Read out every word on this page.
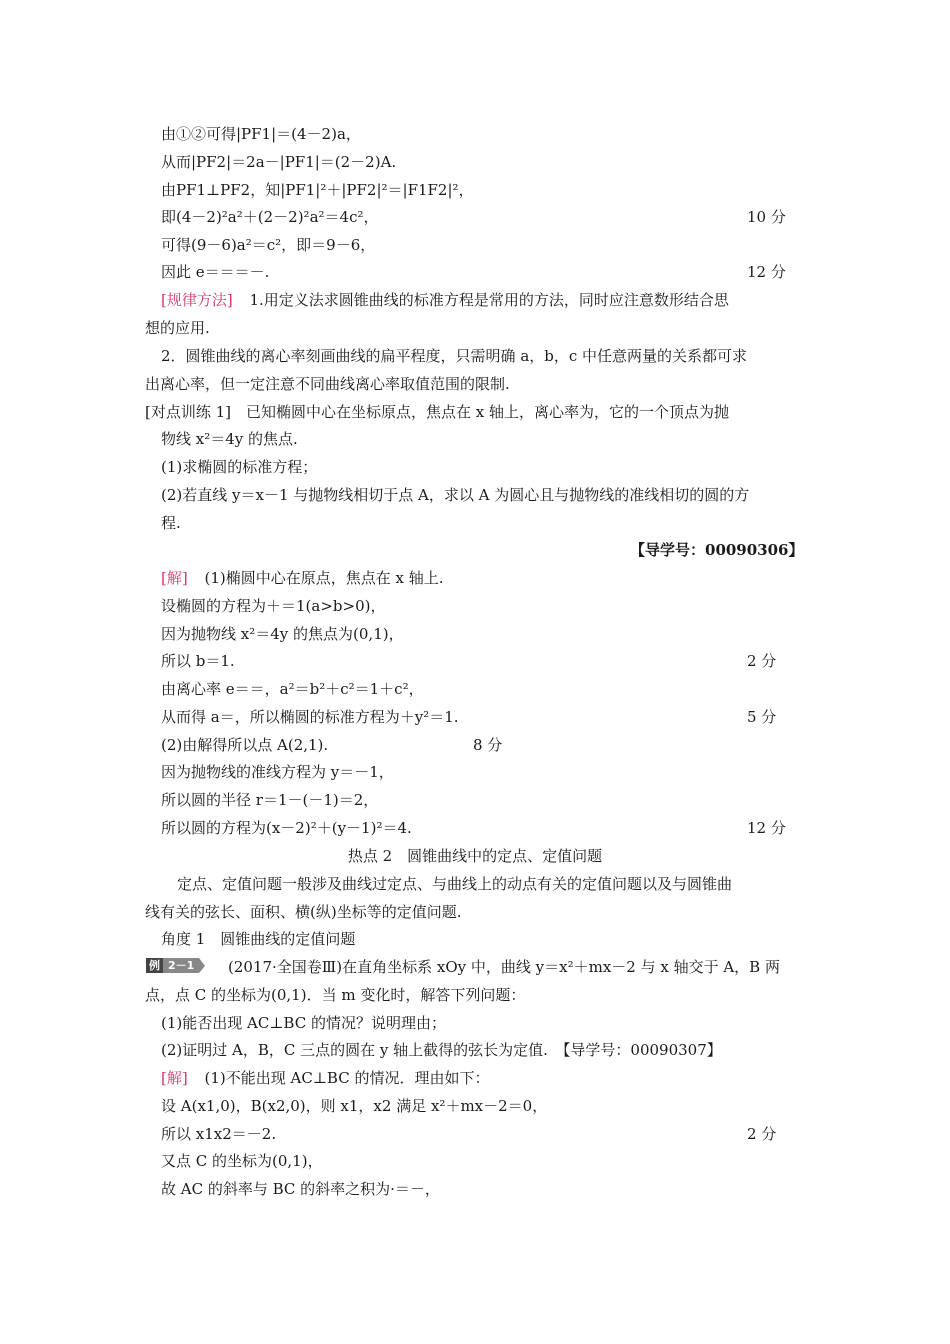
由①②可得|PF1|＝(4－2)a，
从而|PF2|＝2a－|PF1|＝(2－2)A.
由PF1⊥PF2，知|PF1|²＋|PF2|²＝|F1F2|²，
即(4－2)²a²＋(2－2)²a²＝4c²，	10 分
可得(9－6)a²＝c²，即＝9－6，
因此 e＝＝＝－.	12 分
[规律方法] 1.用定义法求圆锥曲线的标准方程是常用的方法，同时应注意数形结合思
想的应用.
2．圆锥曲线的离心率刻画曲线的扁平程度，只需明确 a，b，c 中任意两量的关系都可求
出离心率，但一定注意不同曲线离心率取值范围的限制.
[对点训练 1]　已知椭圆中心在坐标原点，焦点在 x 轴上，离心率为，它的一个顶点为抛
物线 x²＝4y 的焦点.
(1)求椭圆的标准方程；
(2)若直线 y＝x－1 与抛物线相切于点 A，求以 A 为圆心且与抛物线的准线相切的圆的方
程.
【导学号：00090306】
[解] (1)椭圆中心在原点，焦点在 x 轴上.
设椭圆的方程为＋＝1(a>b>0)，
因为抛物线 x²＝4y 的焦点为(0,1)，
所以 b＝1.	2 分
由离心率 e＝＝，a²＝b²＋c²＝1＋c²，
从而得 a＝，所以椭圆的标准方程为＋y²＝1.	5 分
(2)由解得所以点 A(2,1).	8 分
因为抛物线的准线方程为 y＝－1，
所以圆的半径 r＝1－(－1)＝2，
所以圆的方程为(x－2)²＋(y－1)²＝4.	12 分
热点 2　圆锥曲线中的定点、定值问题
定点、定值问题一般涉及曲线过定点、与曲线上的动点有关的定值问题以及与圆锥曲
线有关的弦长、面积、横(纵)坐标等的定值问题.
角度 1　圆锥曲线的定值问题
例 2－1	(2017·全国卷Ⅲ)在直角坐标系 xOy 中，曲线 y＝x²＋mx－2 与 x 轴交于 A，B 两
点，点 C 的坐标为(0,1)．当 m 变化时，解答下列问题：
(1)能否出现 AC⊥BC 的情况？说明理由；
(2)证明过 A，B，C 三点的圆在 y 轴上截得的弦长为定值.　【导学号：00090307】
[解] (1)不能出现 AC⊥BC 的情况．理由如下：
设 A(x1,0)，B(x2,0)，则 x1，x2 满足 x²＋mx－2＝0，
所以 x1x2＝－2.	2 分
又点 C 的坐标为(0,1)，
故 AC 的斜率与 BC 的斜率之积为·＝－，
